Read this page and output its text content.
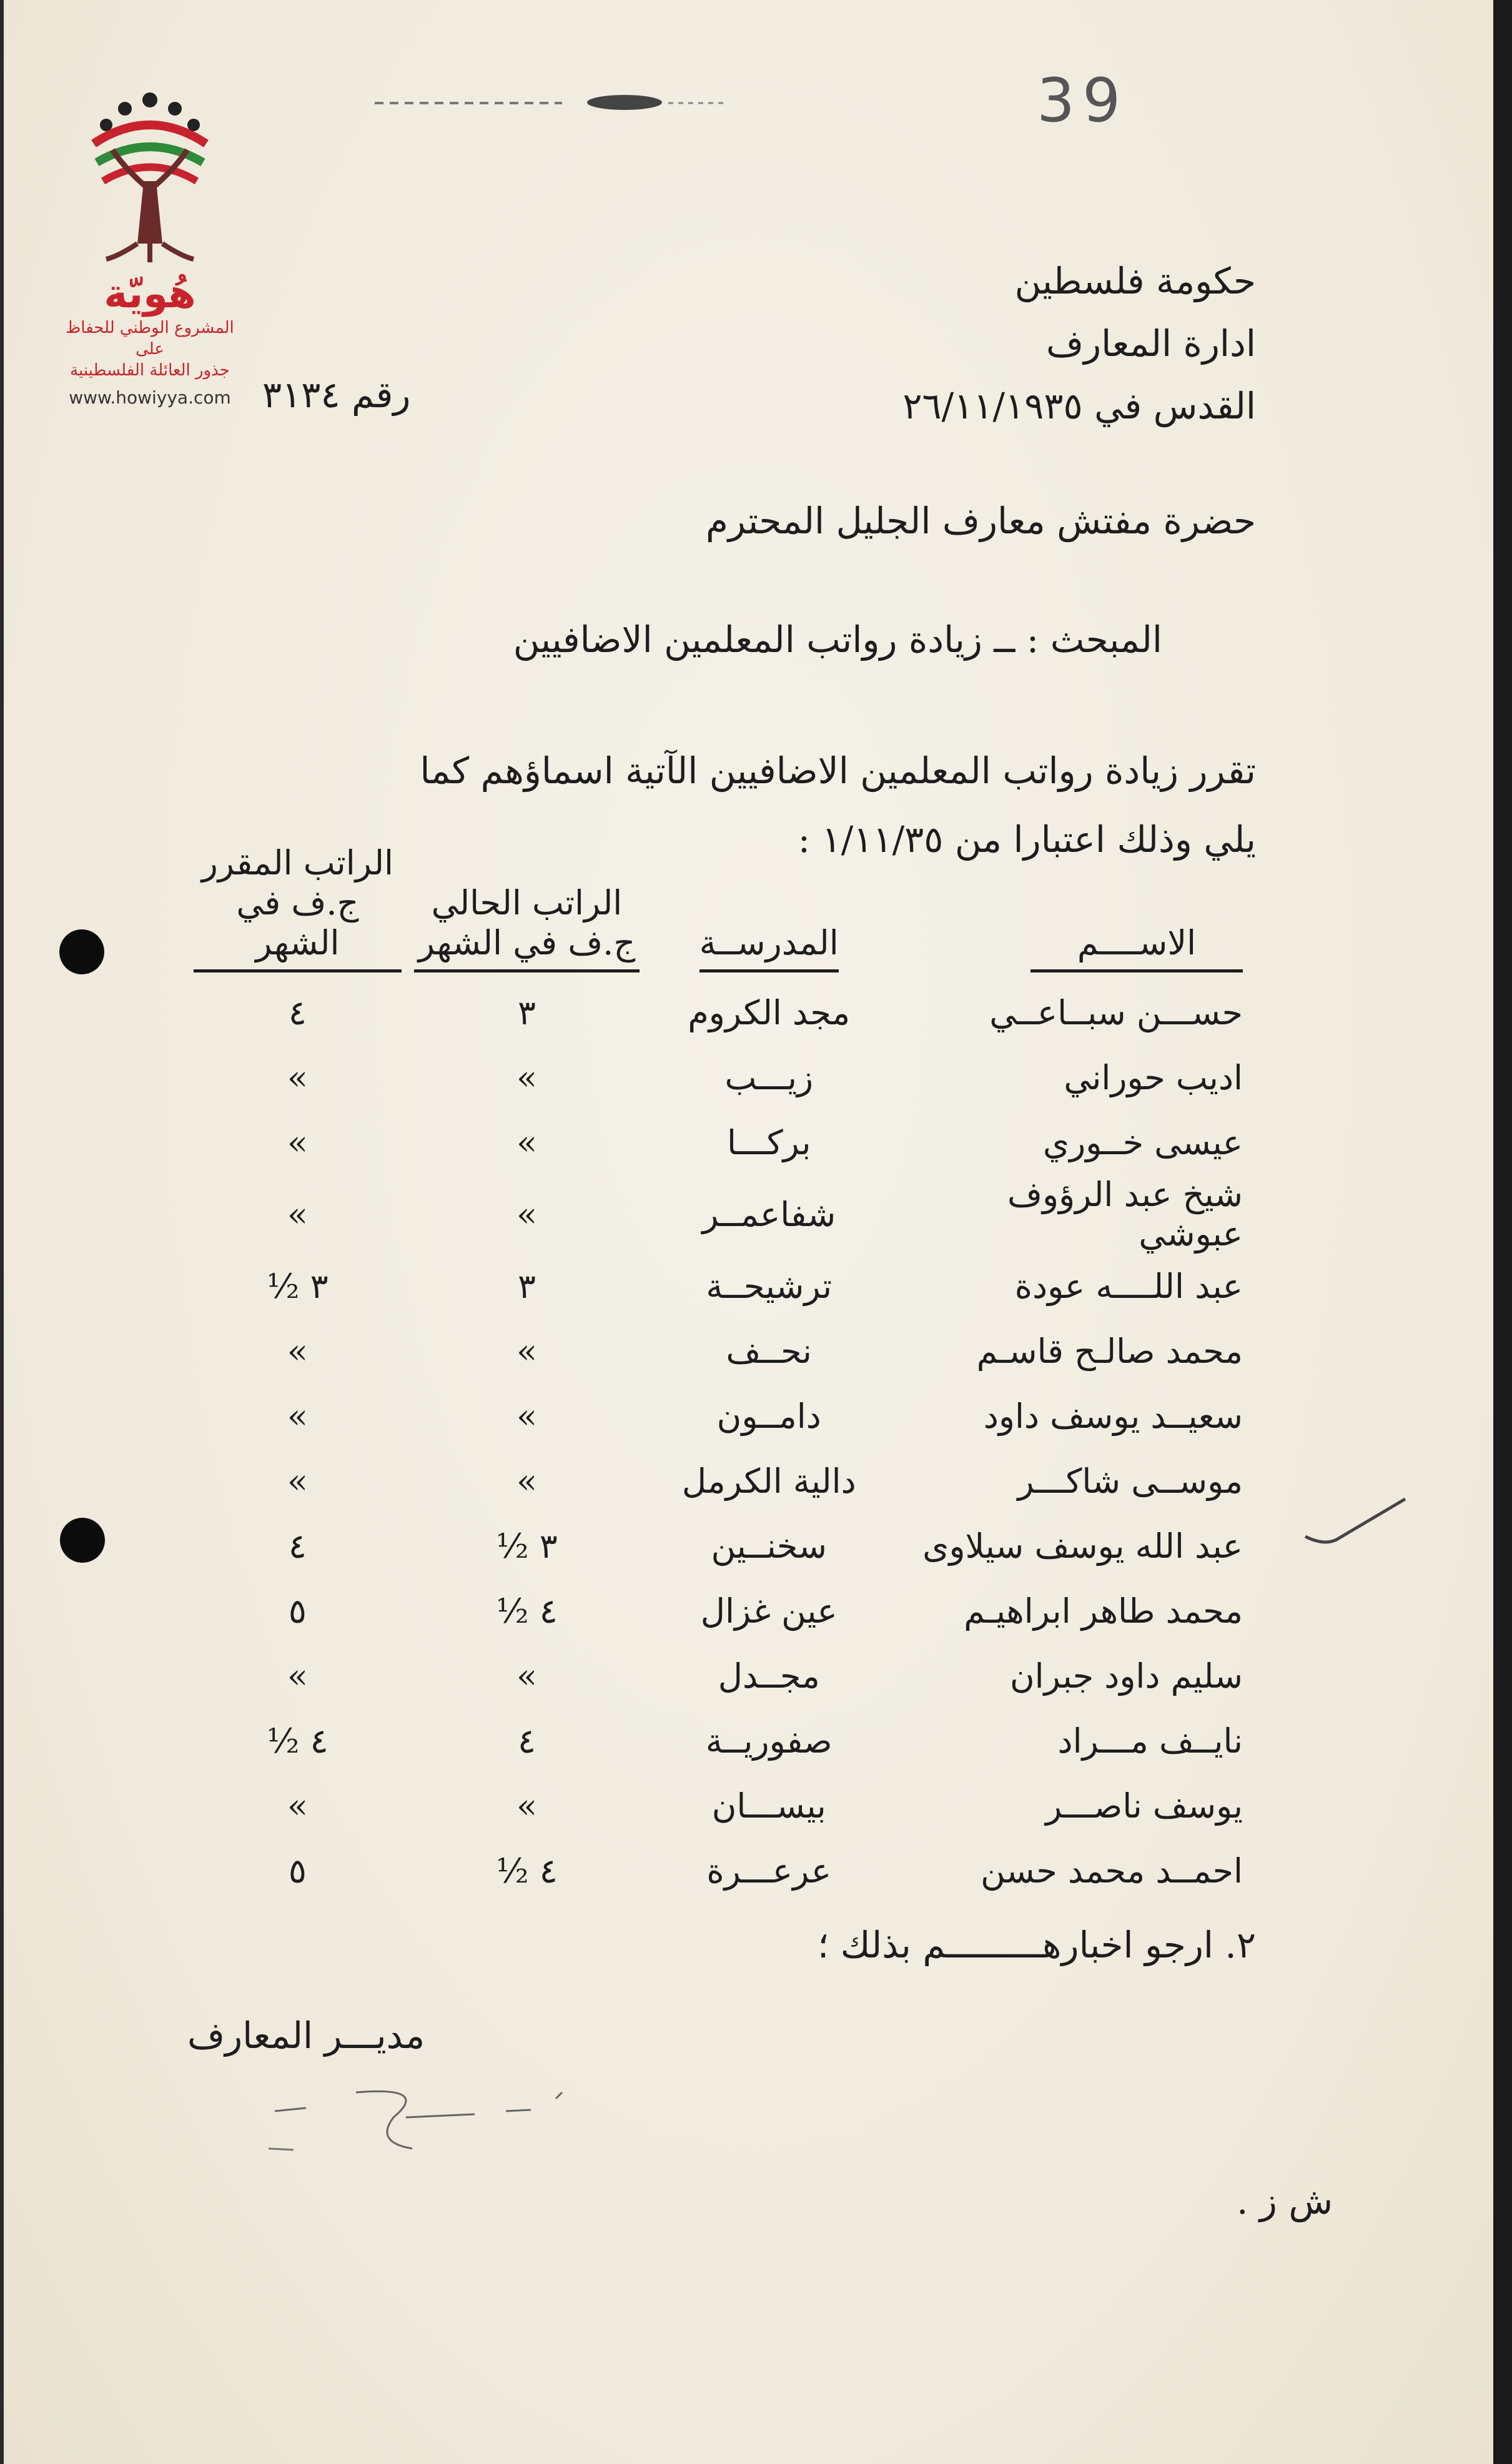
39
هُويّة
المشروع الوطني للحفاظ على
جذور العائلة الفلسطينية
www.howiyya.com
حكومة فلسطين
ادارة المعارف
القدس في ٢٦/١١/١٩٣٥
رقم ٣١٣٤
حضرة مفتش معارف الجليل المحترم
المبحث : ــ زيادة رواتب المعلمين الاضافيين
تقرر زيادة رواتب المعلمين الاضافيين الآتية اسماؤهم كما
يلي وذلك اعتبارا من ١/١١/٣٥ :
الاســــم	المدرســة	الراتب الحالي ج.ف في الشهر	الراتب المقرر ج.ف في الشهر
حســـن سبــاعــي	مجد الكروم	٣	٤
اديب حوراني	زيـــب	»	»
عيسى خــوري	بركـــا	»	»
شيخ عبد الرؤوف عبوشي	شفاعمــر	»	»
عبد اللــــه عودة	ترشيحــة	٣	٣ ½
محمد صالـح قاسـم	نحــف	»	»
سعيــد يوسف داود	دامــون	»	»
موســى شاكـــر	دالية الكرمل	»	»
عبد الله يوسف سيلاوى	سخنــين	٣ ½	٤
محمد طاهر ابراهيـم	عين غزال	٤ ½	٥
سليم داود جبران	مجــدل	»	»
نايــف مـــراد	صفوريــة	٤	٤ ½
يوسف ناصـــر	بيســـان	»	»
احمــد محمد حسن	عرعـــرة	٤ ½	٥
٢. ارجو اخبارهـــــــــم بذلك ؛
مديـــر المعارف
ش ز .
